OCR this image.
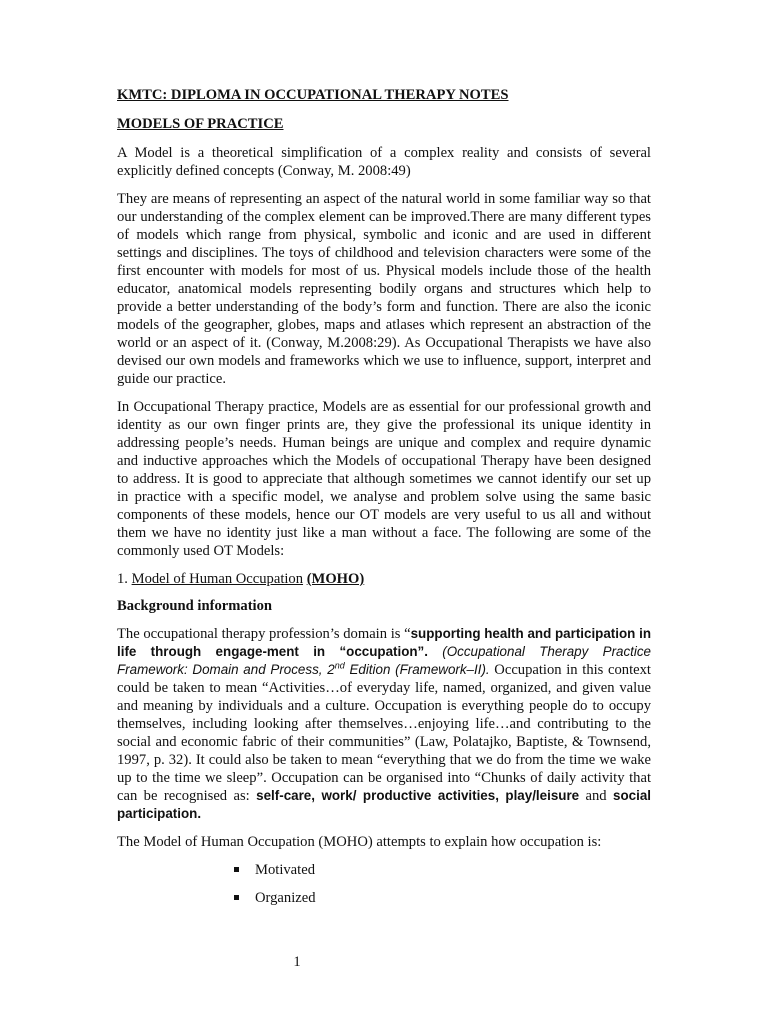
KMTC: DIPLOMA IN OCCUPATIONAL THERAPY NOTES
MODELS OF PRACTICE

A Model is a theoretical simplification of a complex reality and consists of several explicitly defined concepts (Conway, M. 2008:49)

They are means of representing an aspect of the natural world in some familiar way so that our understanding of the complex element can be improved.There are many different types of models which range from physical, symbolic and iconic and are used in different settings and disciplines. The toys of childhood and television characters were some of the first encounter with models for most of us. Physical models include those of the health educator, anatomical models representing bodily organs and structures which help to provide a better understanding of the body’s form and function. There are also the iconic models of the geographer, globes, maps and atlases which represent an abstraction of the world or an aspect of it. (Conway, M.2008:29). As Occupational Therapists we have also devised our own models and frameworks which we use to influence, support, interpret and guide our practice.

In Occupational Therapy practice, Models are as essential for our professional growth and identity as our own finger prints are, they give the professional its unique identity in addressing people’s needs. Human beings are unique and complex and require dynamic and inductive approaches which the Models of occupational Therapy have been designed to address. It is good to appreciate that although sometimes we cannot identify our set up in practice with a specific model, we analyse and problem solve using the same basic components of these models, hence our OT models are very useful to us all and without them we have no identity just like a man without a face. The following are some of the commonly used OT Models:

1. Model of Human Occupation (MOHO)

Background information

The occupational therapy profession’s domain is “supporting health and participation in life through engage-ment in “occupation”. (Occupational Therapy Practice Framework: Domain and Process, 2nd Edition (Framework–II). Occupation in this context could be taken to mean “Activities…of everyday life, named, organized, and given value and meaning by individuals and a culture. Occupation is everything people do to occupy themselves, including looking after themselves…enjoying life…and contributing to the social and economic fabric of their communities” (Law, Polatajko, Baptiste, & Townsend, 1997, p. 32). It could also be taken to mean “everything that we do from the time we wake up to the time we sleep”. Occupation can be organised into “Chunks of daily activity that can be recognised as: self-care, work/ productive activities, play/leisure and social participation.

The Model of Human Occupation (MOHO) attempts to explain how occupation is:

Motivated
Organized
1
